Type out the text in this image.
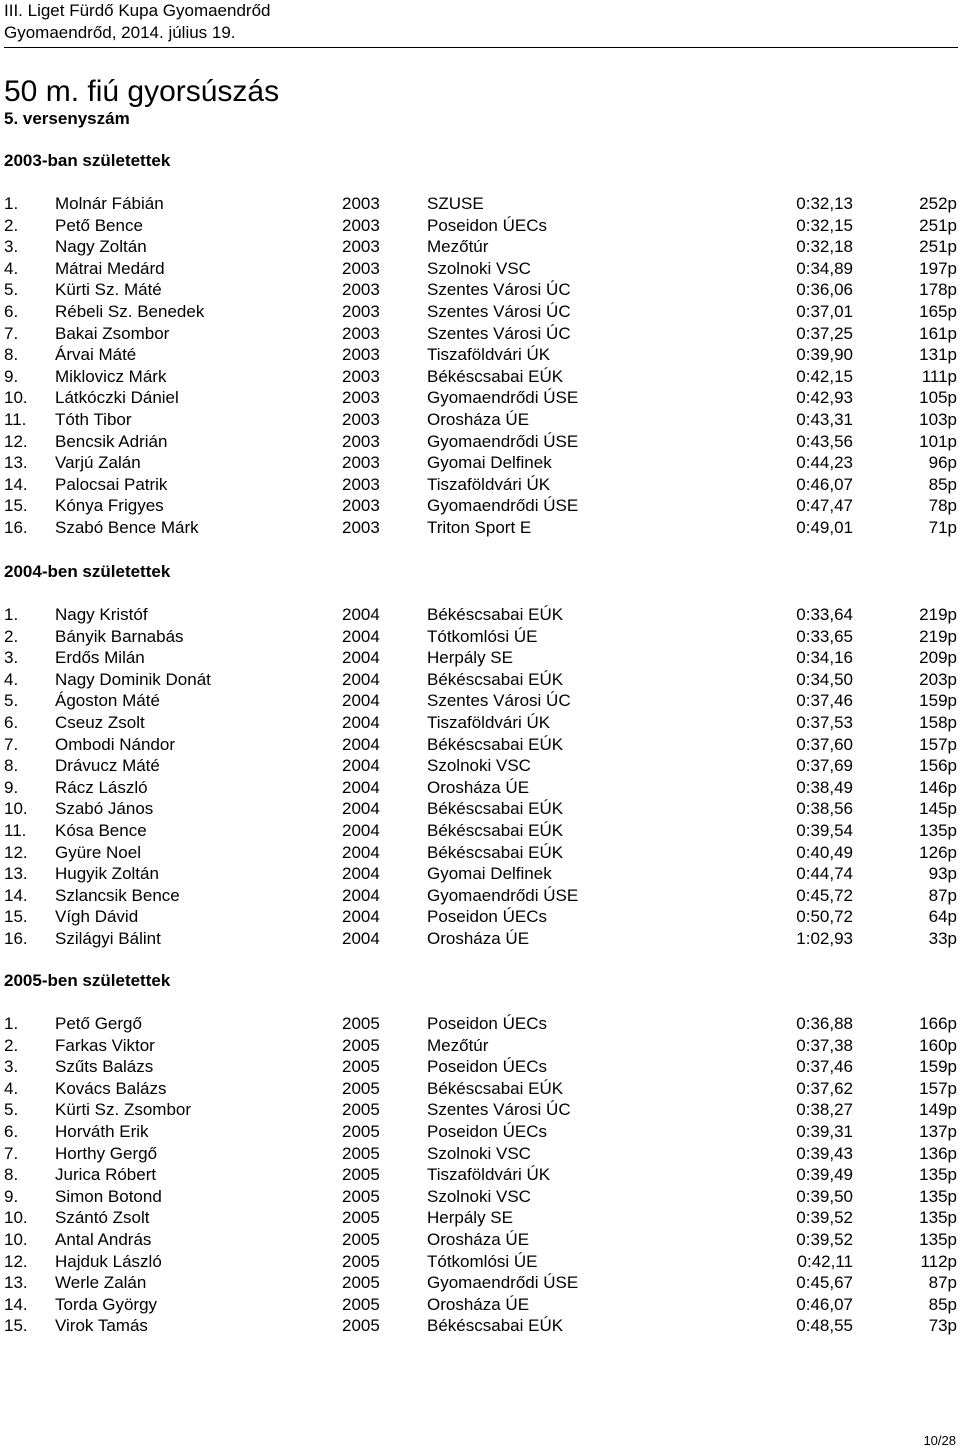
III. Liget Fürdő Kupa Gyomaendrőd
Gyomaendrőd, 2014. július 19.
50 m. fiú gyorsúszás
5. versenyszám
2003-ban születettek
1. Molnár Fábián	2003	SZUSE	0:32,13	252p
2. Pető Bence	2003	Poseidon ÚECs	0:32,15	251p
3. Nagy Zoltán	2003	Mezőtúr	0:32,18	251p
4. Mátrai Medárd	2003	Szolnoki VSC	0:34,89	197p
5. Kürti Sz. Máté	2003	Szentes Városi ÚC	0:36,06	178p
6. Rébeli Sz. Benedek	2003	Szentes Városi ÚC	0:37,01	165p
7. Bakai Zsombor	2003	Szentes Városi ÚC	0:37,25	161p
8. Árvai Máté	2003	Tiszaföldvári ÚK	0:39,90	131p
9. Miklovicz Márk	2003	Békéscsabai EÚK	0:42,15	111p
10. Látkóczki Dániel	2003	Gyomaendrődi ÚSE	0:42,93	105p
11. Tóth Tibor	2003	Orosháza ÚE	0:43,31	103p
12. Bencsik Adrián	2003	Gyomaendrődi ÚSE	0:43,56	101p
13. Varjú Zalán	2003	Gyomai Delfinek	0:44,23	96p
14. Palocsai Patrik	2003	Tiszaföldvári ÚK	0:46,07	85p
15. Kónya Frigyes	2003	Gyomaendrődi ÚSE	0:47,47	78p
16. Szabó Bence Márk	2003	Triton Sport E	0:49,01	71p
2004-ben születettek
1. Nagy Kristóf	2004	Békéscsabai EÚK	0:33,64	219p
2. Bányik Barnabás	2004	Tótkomlósi ÚE	0:33,65	219p
3. Erdős Milán	2004	Herpály SE	0:34,16	209p
4. Nagy Dominik Donát	2004	Békéscsabai EÚK	0:34,50	203p
5. Ágoston Máté	2004	Szentes Városi ÚC	0:37,46	159p
6. Cseuz Zsolt	2004	Tiszaföldvári ÚK	0:37,53	158p
7. Ombodi Nándor	2004	Békéscsabai EÚK	0:37,60	157p
8. Drávucz Máté	2004	Szolnoki VSC	0:37,69	156p
9. Rácz László	2004	Orosháza ÚE	0:38,49	146p
10. Szabó János	2004	Békéscsabai EÚK	0:38,56	145p
11. Kósa Bence	2004	Békéscsabai EÚK	0:39,54	135p
12. Gyüre Noel	2004	Békéscsabai EÚK	0:40,49	126p
13. Hugyik Zoltán	2004	Gyomai Delfinek	0:44,74	93p
14. Szlancsik Bence	2004	Gyomaendrődi ÚSE	0:45,72	87p
15. Vígh Dávid	2004	Poseidon ÚECs	0:50,72	64p
16. Szilágyi Bálint	2004	Orosháza ÚE	1:02,93	33p
2005-ben születettek
1. Pető Gergő	2005	Poseidon ÚECs	0:36,88	166p
2. Farkas Viktor	2005	Mezőtúr	0:37,38	160p
3. Szűts Balázs	2005	Poseidon ÚECs	0:37,46	159p
4. Kovács Balázs	2005	Békéscsabai EÚK	0:37,62	157p
5. Kürti Sz. Zsombor	2005	Szentes Városi ÚC	0:38,27	149p
6. Horváth Erik	2005	Poseidon ÚECs	0:39,31	137p
7. Horthy Gergő	2005	Szolnoki VSC	0:39,43	136p
8. Jurica Róbert	2005	Tiszaföldvári ÚK	0:39,49	135p
9. Simon Botond	2005	Szolnoki VSC	0:39,50	135p
10. Szántó Zsolt	2005	Herpály SE	0:39,52	135p
10. Antal András	2005	Orosháza ÚE	0:39,52	135p
12. Hajduk László	2005	Tótkomlósi ÚE	0:42,11	112p
13. Werle Zalán	2005	Gyomaendrődi ÚSE	0:45,67	87p
14. Torda György	2005	Orosháza ÚE	0:46,07	85p
15. Virok Tamás	2005	Békéscsabai EÚK	0:48,55	73p
10/28
